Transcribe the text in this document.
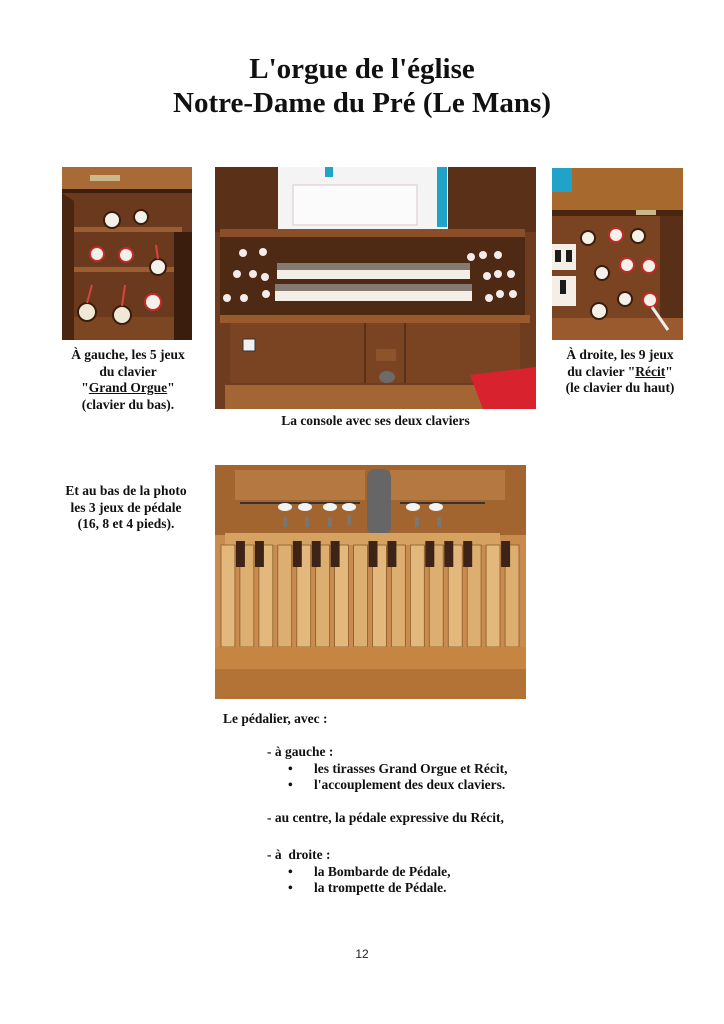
L'orgue de l'église
Notre-Dame du Pré (Le Mans)
À gauche, les 5 jeux
du clavier
"Grand Orgue"
(clavier du bas).
La console avec ses deux claviers
À droite, les 9 jeux
du clavier "Récit"
(le clavier du haut)
Et au bas de la photo
les 3 jeux de pédale
(16, 8 et 4 pieds).
Le pédalier, avec :
- à gauche :
• les tirasses Grand Orgue et Récit,
• l'accouplement des deux claviers.
- au centre, la pédale expressive du Récit,
- à  droite :
• la Bombarde de Pédale,
• la trompette de Pédale.
12
